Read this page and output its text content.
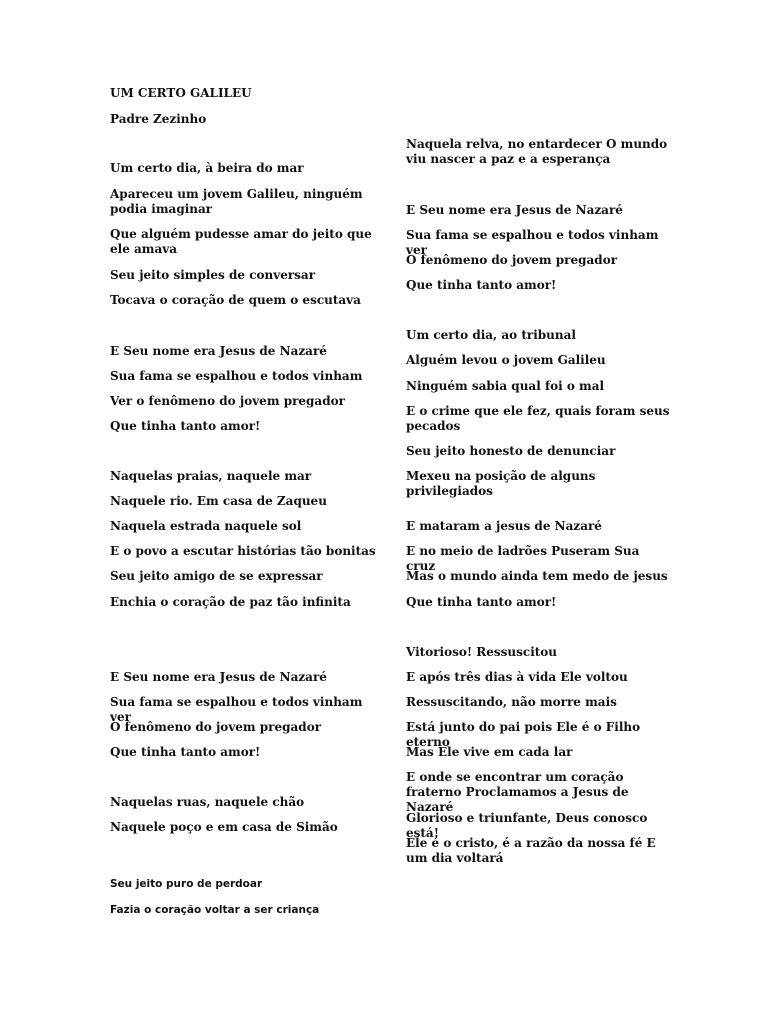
UM CERTO GALILEU
Padre Zezinho
Um certo dia, à beira do mar
Apareceu um jovem Galileu, ninguém podia imaginar
Que alguém pudesse amar do jeito que ele amava
Seu jeito simples de conversar
Tocava o coração de quem o escutava
E Seu nome era Jesus de Nazaré
Sua fama se espalhou e todos vinham
Ver o fenômeno do jovem pregador
Que tinha tanto amor!
Naquelas praias, naquele mar
Naquele rio. Em casa de Zaqueu
Naquela estrada naquele sol
E o povo a escutar histórias tão bonitas
Seu jeito amigo de se expressar
Enchia o coração de paz tão infinita
E Seu nome era Jesus de Nazaré
Sua fama se espalhou e todos vinham ver
O fenômeno do jovem pregador
Que tinha tanto amor!
Naquelas ruas, naquele chão
Naquele poço e em casa de Simão
Seu jeito puro de perdoar
Fazia o coração voltar a ser criança
Naquela relva, no entardecer O mundo viu nascer a paz e a esperança
E Seu nome era Jesus de Nazaré
Sua fama se espalhou e todos vinham ver
O fenômeno do jovem pregador
Que tinha tanto amor!
Um certo dia, ao tribunal
Alguém levou o jovem Galileu
Ninguém sabia qual foi o mal
E o crime que ele fez, quais foram seus pecados
Seu jeito honesto de denunciar
Mexeu na posição de alguns privilegiados
E mataram a jesus de Nazaré
E no meio de ladrões Puseram Sua cruz
Mas o mundo ainda tem medo de jesus
Que tinha tanto amor!
Vitorioso! Ressuscitou
E após três dias à vida Ele voltou
Ressuscitando, não morre mais
Está junto do pai pois Ele é o Filho eterno
Mas Ele vive em cada lar
E onde se encontrar um coração fraterno Proclamamos a Jesus de Nazaré
Glorioso e triunfante, Deus conosco está!
Ele é o cristo, é a razão da nossa fé E um dia voltará
